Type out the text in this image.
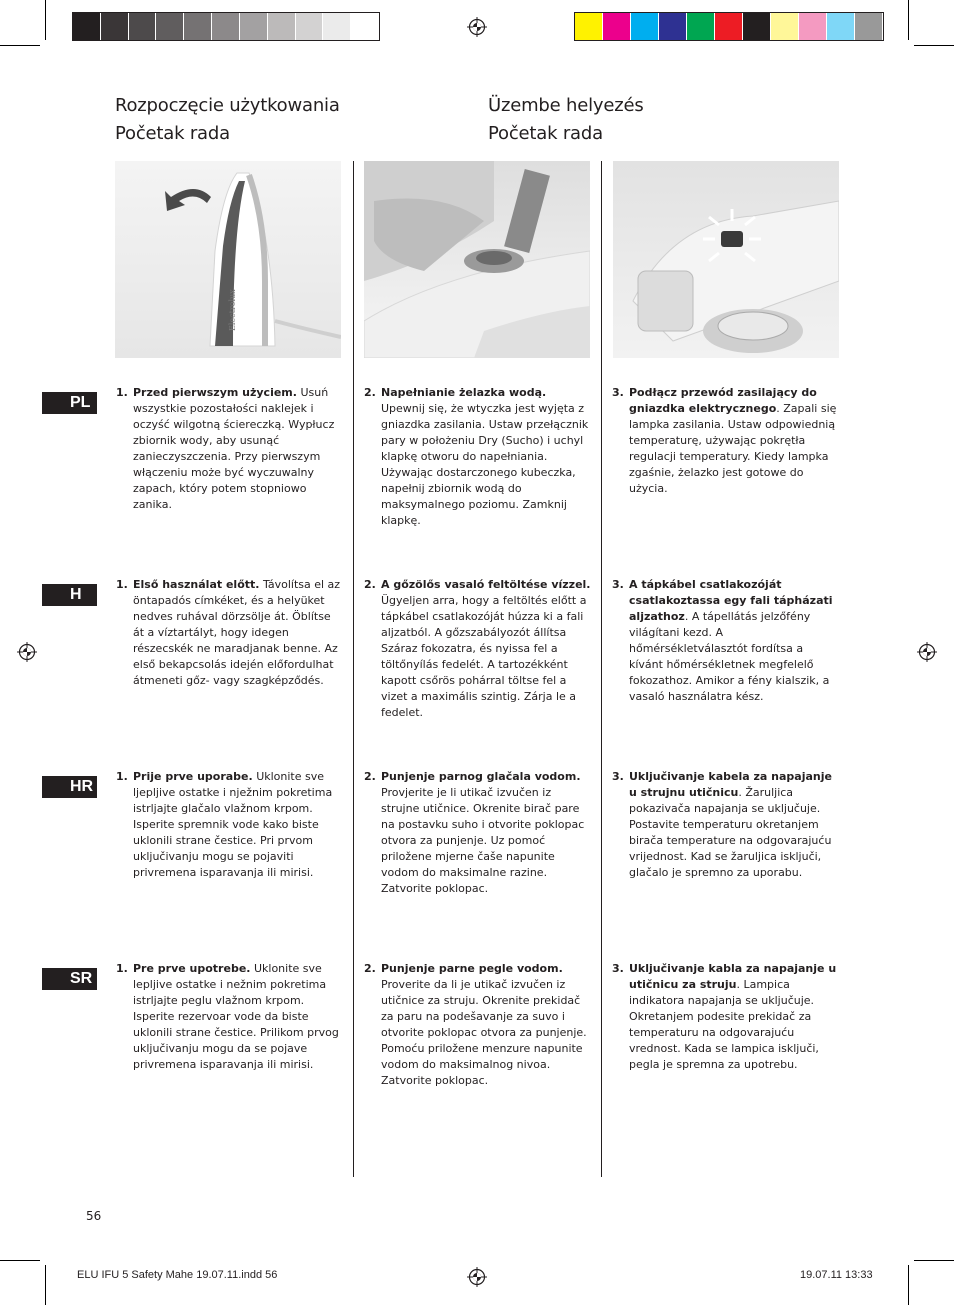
Rozpoczęcie użytkowania
Početak rada
Üzembe helyezés
Početak rada
Electrolux
PL
1. Przed pierwszym użyciem. Usuń wszystkie pozostałości naklejek i oczyść wilgotną ściereczką. Wypłucz zbiornik wody, aby usunąć zanieczyszczenia. Przy pierwszym włączeniu może być wyczuwalny zapach, który potem stopniowo zanika.
2. Napełnianie żelazka wodą. Upewnij się, że wtyczka jest wyjęta z gniazdka zasilania. Ustaw przełącznik pary w położeniu Dry (Sucho) i uchyl klapkę otworu do napełniania. Używając dostarczonego kubeczka, napełnij zbiornik wodą do maksymalnego poziomu. Zamknij klapkę.
3. Podłącz przewód zasilający do gniazdka elektrycznego. Zapali się lampka zasilania. Ustaw odpowiednią temperaturę, używając pokrętła regulacji temperatury. Kiedy lampka zgaśnie, żelazko jest gotowe do użycia.
H
1. Első használat előtt. Távolítsa el az öntapadós címkéket, és a helyüket nedves ruhával dörzsölje át. Öblítse át a víztartályt, hogy idegen részecskék ne maradjanak benne. Az első bekapcsolás idején előfordulhat átmeneti gőz- vagy szagképződés.
2. A gőzölős vasaló feltöltése vízzel. Ügyeljen arra, hogy a feltöltés előtt a tápkábel csatlakozóját húzza ki a fali aljzatból. A gőzszabályozót állítsa Száraz fokozatra, és nyissa fel a töltőnyílás fedelét. A tartozékként kapott csőrös pohárral töltse fel a vizet a maximális szintig. Zárja le a fedelet.
3. A tápkábel csatlakozóját csatlakoztassa egy fali tápházati aljzathoz. A tápellátás jelzőfény világítani kezd. A hőmérsékletválasztót fordítsa a kívánt hőmérsékletnek megfelelő fokozathoz. Amikor a fény kialszik, a vasaló használatra kész.
HR
1. Prije prve uporabe. Uklonite sve ljepljive ostatke i nježnim pokretima istrljajte glačalo vlažnom krpom. Isperite spremnik vode kako biste uklonili strane čestice. Pri prvom uključivanju mogu se pojaviti privremena isparavanja ili mirisi.
2. Punjenje parnog glačala vodom. Provjerite je li utikač izvučen iz strujne utičnice. Okrenite birač pare na postavku suho i otvorite poklopac otvora za punjenje. Uz pomoć priložene mjerne čaše napunite vodom do maksimalne razine. Zatvorite poklopac.
3. Uključivanje kabela za napajanje u strujnu utičnicu. Žaruljica pokazivača napajanja se uključuje. Postavite temperaturu okretanjem birača temperature na odgovarajuću vrijednost. Kad se žaruljica isključi, glačalo je spremno za uporabu.
SR
1. Pre prve upotrebe. Uklonite sve lepljive ostatke i nežnim pokretima istrljajte peglu vlažnom krpom. Isperite rezervoar vode da biste uklonili strane čestice. Prilikom prvog uključivanju mogu da se pojave privremena isparavanja ili mirisi.
2. Punjenje parne pegle vodom. Proverite da li je utikač izvučen iz utičnice za struju. Okrenite prekidač za paru na podešavanje za suvo i otvorite poklopac otvora za punjenje. Pomoću priložene menzure napunite vodom do maksimalnog nivoa. Zatvorite poklopac.
3. Uključivanje kabla za napajanje u utičnicu za struju. Lampica indikatora napajanja se uključuje. Okretanjem podesite prekidač za temperaturu na odgovarajuću vrednost. Kada se lampica isključi, pegla je spremna za upotrebu.
56
ELU IFU 5 Safety Mahe 19.07.11.indd 56	19.07.11 13:33
